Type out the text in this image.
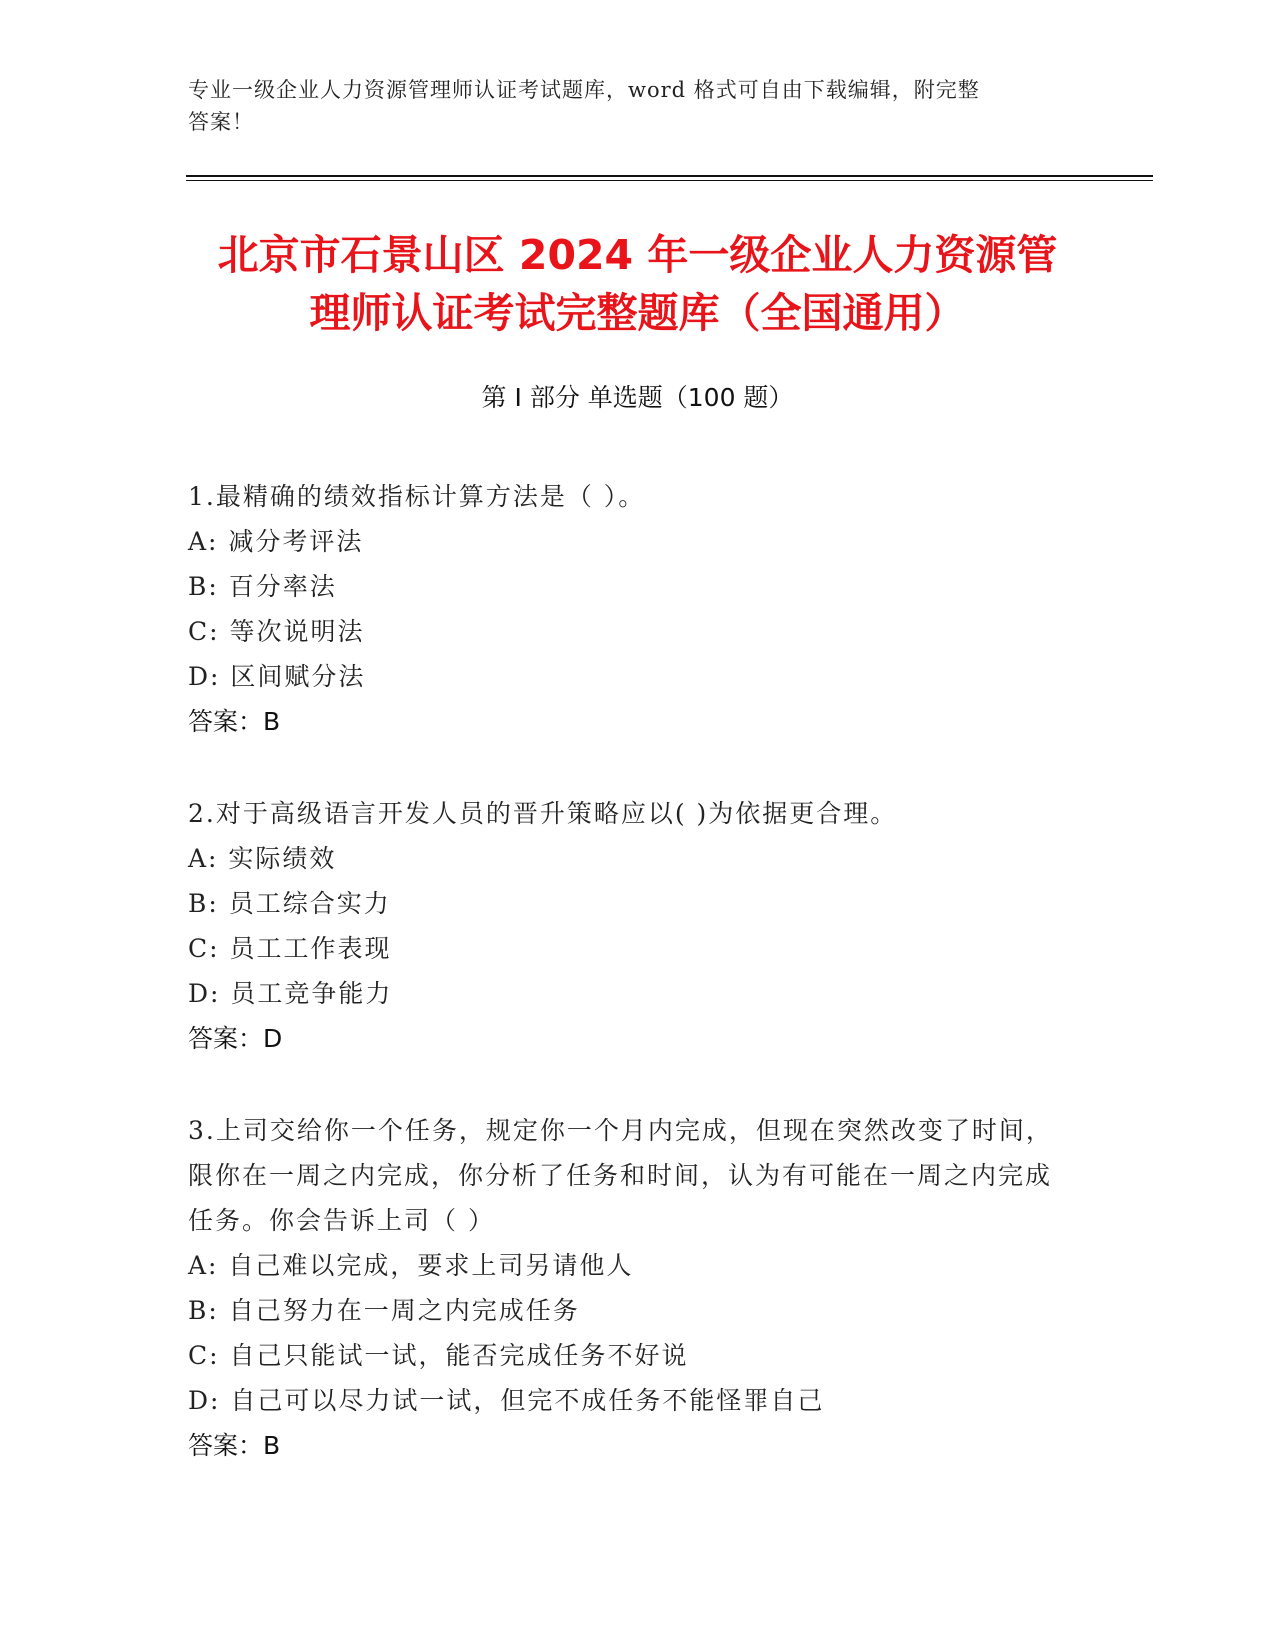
专业一级企业人力资源管理师认证考试题库，word 格式可自由下载编辑，附完整
答案！
北京市石景山区 2024 年一级企业人力资源管
理师认证考试完整题库（全国通用）
第 I 部分 单选题（100 题）
1.最精确的绩效指标计算方法是（ ）。
A: 减分考评法
B: 百分率法
C: 等次说明法
D: 区间赋分法
答案：B
2.对于高级语言开发人员的晋升策略应以( )为依据更合理。
A: 实际绩效
B: 员工综合实力
C: 员工工作表现
D: 员工竞争能力
答案：D
3.上司交给你一个任务，规定你一个月内完成，但现在突然改变了时间，限你在一周之内完成，你分析了任务和时间，认为有可能在一周之内完成任务。你会告诉上司（ ）
A: 自己难以完成，要求上司另请他人
B: 自己努力在一周之内完成任务
C: 自己只能试一试，能否完成任务不好说
D: 自己可以尽力试一试，但完不成任务不能怪罪自己
答案：B
